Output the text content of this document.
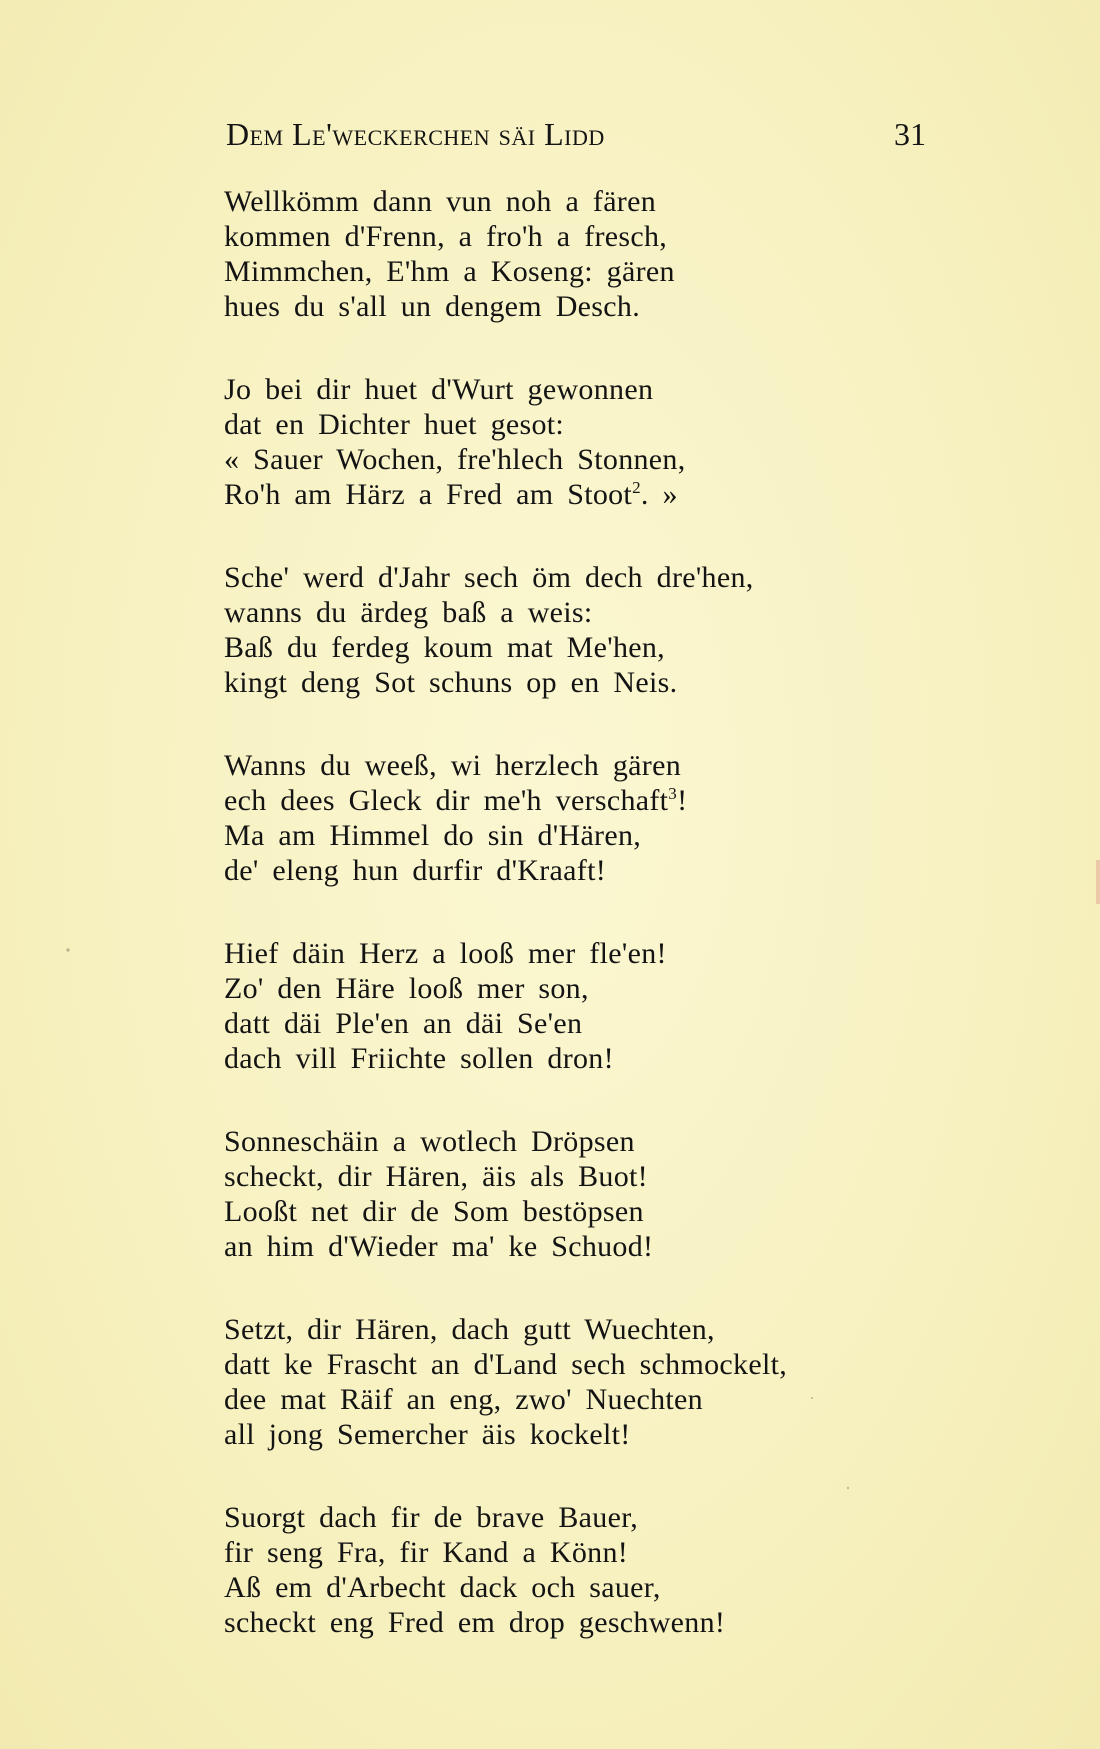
Dem Le'weckerchen säi Lidd	31
Wellkömm dann vun noh a fären
kommen d'Frenn, a fro'h a fresch,
Mimmchen, E'hm a Koseng: gären
hues du s'all un dengem Desch.
Jo bei dir huet d'Wurt gewonnen
dat en Dichter huet gesot:
« Sauer Wochen, fre'hlech Stonnen,
Ro'h am Härz a Fred am Stoot$^2$. »
Sche' werd d'Jahr sech öm dech dre'hen,
wanns du ärdeg baß a weis:
Baß du ferdeg koum mat Me'hen,
kingt deng Sot schuns op en Neis.
Wanns du weeß, wi herzlech gären
ech dees Gleck dir me'h verschaft$^3$!
Ma am Himmel do sin d'Hären,
de' eleng hun durfir d'Kraaft!
Hief däin Herz a looß mer fle'en!
Zo' den Häre looß mer son,
datt däi Ple'en an däi Se'en
dach vill Friichte sollen dron!
Sonneschäin a wotlech Dröpsen
scheckt, dir Hären, äis als Buot!
Looßt net dir de Som bestöpsen
an him d'Wieder ma' ke Schuod!
Setzt, dir Hären, dach gutt Wuechten,
datt ke Frascht an d'Land sech schmockelt,
dee mat Räif an eng, zwo' Nuechten
all jong Semercher äis kockelt!
Suorgt dach fir de brave Bauer,
fir seng Fra, fir Kand a Könn!
Aß em d'Arbecht dack och sauer,
scheckt eng Fred em drop geschwenn!
